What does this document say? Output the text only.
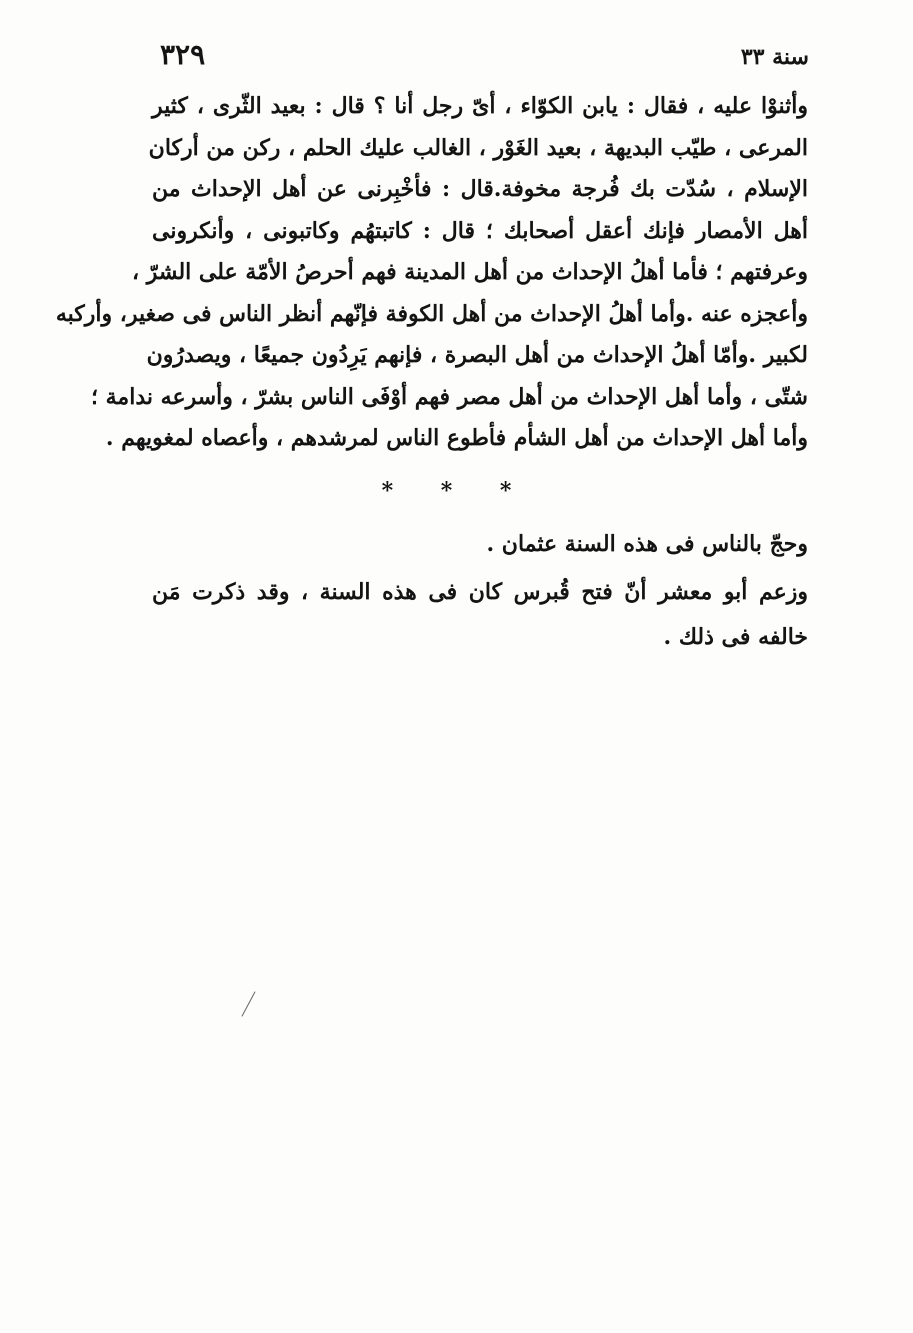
٣٢٩	سنة ٣٣
وأثنوْا عليه ، فقال : يابن الكوّاء ، أىّ رجل أنا ؟ قال : بعيد الثّرى ، كثير
المرعى ، طيّب البديهة ، بعيد الغَوْر ، الغالب عليك الحلم ، ركن من أركان
الإسلام ، سُدّت بك فُرجة مخوفة.قال : فأخْبِرنى عن أهل الإحداث من
أهل الأمصار فإنك أعقل أصحابك ؛ قال : كاتبتهُم وكاتبونى ، وأنكرونى
وعرفتهم ؛ فأما أهلُ الإحداث من أهل المدينة فهم أحرصُ الأمّة على الشرّ ،
وأعجزه عنه .وأما أهلُ الإحداث من أهل الكوفة فإنّهم أنظر الناس فى صغير، وأركبه
لكبير .وأمّا أهلُ الإحداث من أهل البصرة ، فإنهم يَرِدُون جميعًا ، ويصدرُون
شتّى ، وأما أهل الإحداث من أهل مصر فهم أوْفَى الناس بشرّ ، وأسرعه ندامة ؛
وأما أهل الإحداث من أهل الشأم فأطوع الناس لمرشدهم ، وأعصاه لمغويهم .
* * *
وحجّ بالناس فى هذه السنة عثمان .
وزعم أبو معشر أنّ فتح قُبرس كان فى هذه السنة ، وقد ذكرت مَن
خالفه فى ذلك .
